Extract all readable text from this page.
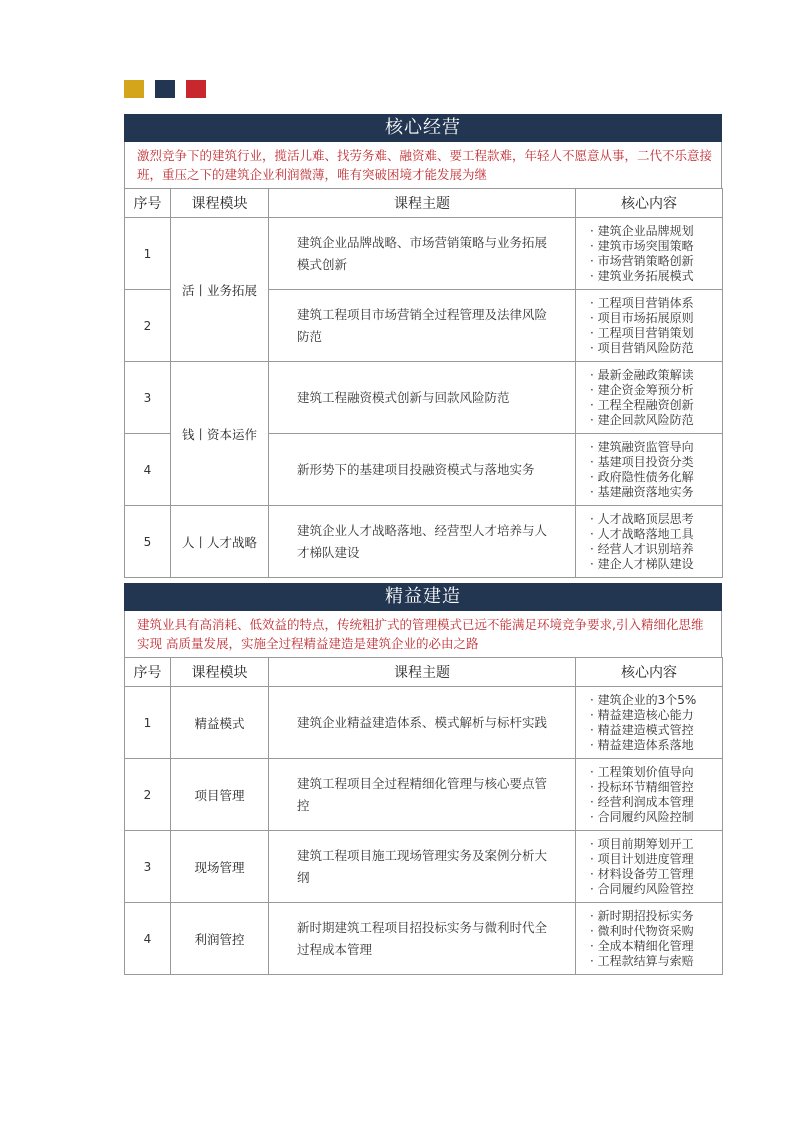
核心经营
激烈竞争下的建筑行业，揽活儿难、找劳务难、融资难、要工程款难，年轻人不愿意从事，二代不乐意接班，重压之下的建筑企业利润微薄，唯有突破困境才能发展为继
序号	课程模块	课程主题	核心内容
1	活丨业务拓展	建筑企业品牌战略、市场营销策略与业务拓展模式创新	· 建筑企业品牌规划
· 建筑市场突围策略
· 市场营销策略创新
· 建筑业务拓展模式

2		建筑工程项目市场营销全过程管理及法律风险防范	· 工程项目营销体系
· 项目市场拓展原则
· 工程项目营销策划
· 项目营销风险防范

3	钱丨资本运作	建筑工程融资模式创新与回款风险防范	· 最新金融政策解读
· 建企资金筹预分析
· 工程全程融资创新
· 建企回款风险防范

4		新形势下的基建项目投融资模式与落地实务	· 建筑融资监管导向
· 基建项目投资分类
· 政府隐性债务化解
· 基建融资落地实务

5	人丨人才战略	建筑企业人才战略落地、经营型人才培养与人才梯队建设	· 人才战略顶层思考
· 人才战略落地工具
· 经营人才识别培养
· 建企人才梯队建设
精益建造
建筑业具有高消耗、低效益的特点，传统粗扩式的管理模式已远不能满足环境竞争要求,引入精细化思维实现 高质量发展，实施全过程精益建造是建筑企业的必由之路
序号	课程模块	课程主题	核心内容
1	精益模式	建筑企业精益建造体系、模式解析与标杆实践	· 建筑企业的3个5%
· 精益建造核心能力
· 精益建造模式管控
· 精益建造体系落地

2	项目管理	建筑工程项目全过程精细化管理与核心要点管控	· 工程策划价值导向
· 投标环节精细管控
· 经营利润成本管理
· 合同履约风险控制

3	现场管理	建筑工程项目施工现场管理实务及案例分析大纲	· 项目前期筹划开工
· 项目计划进度管理
· 材料设备劳工管理
· 合同履约风险管控

4	利润管控	新时期建筑工程项目招投标实务与微利时代全过程成本管理	· 新时期招投标实务
· 微利时代物资采购
· 全成本精细化管理
· 工程款结算与索赔
